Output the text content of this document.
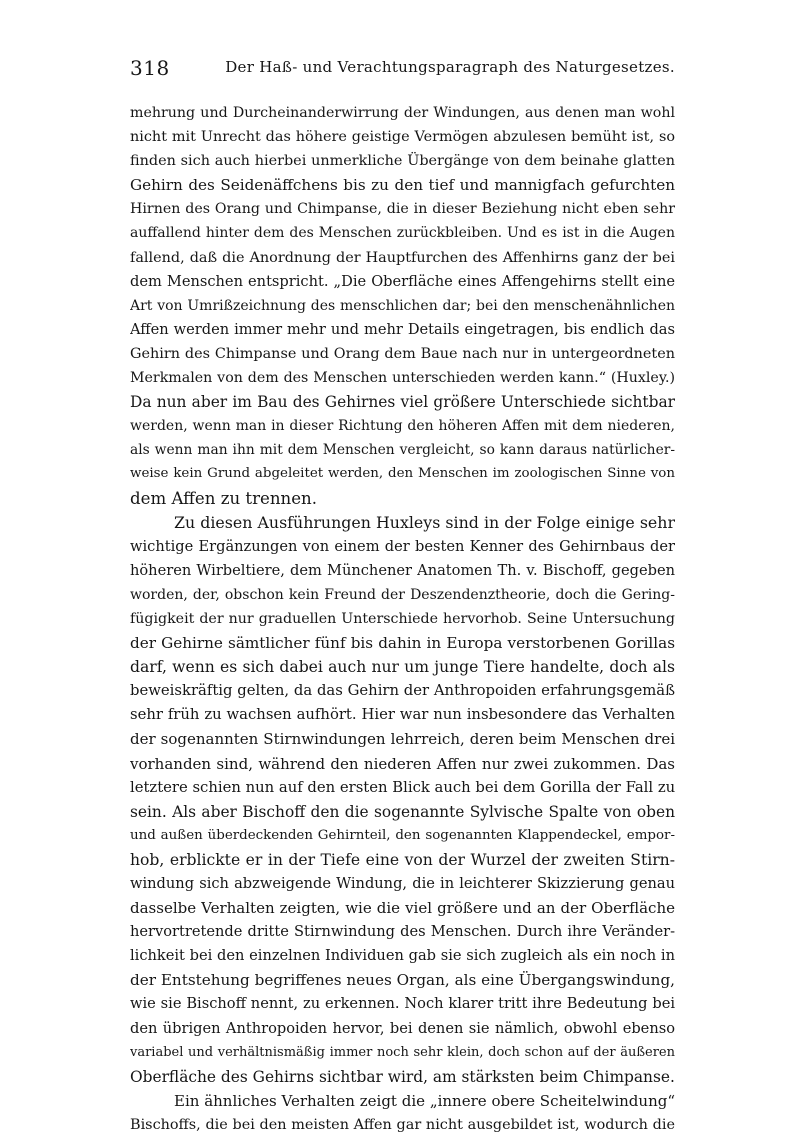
318	Der Haß- und Verachtungsparagraph des Naturgesetzes.
mehrung und Durcheinanderwirrung der Windungen, aus denen man wohl
nicht mit Unrecht das höhere geistige Vermögen abzulesen bemüht ist, so
finden sich auch hierbei unmerkliche Übergänge von dem beinahe glatten
Gehirn des Seidenäffchens bis zu den tief und mannigfach gefurchten
Hirnen des Orang und Chimpanse, die in dieser Beziehung nicht eben sehr
auffallend hinter dem des Menschen zurückbleiben. Und es ist in die Augen
fallend, daß die Anordnung der Hauptfurchen des Affenhirns ganz der bei
dem Menschen entspricht. „Die Oberfläche eines Affengehirns stellt eine
Art von Umrißzeichnung des menschlichen dar; bei den menschenähnlichen
Affen werden immer mehr und mehr Details eingetragen, bis endlich das
Gehirn des Chimpanse und Orang dem Baue nach nur in untergeordneten
Merkmalen von dem des Menschen unterschieden werden kann.“ (Huxley.)
Da nun aber im Bau des Gehirnes viel größere Unterschiede sichtbar
werden, wenn man in dieser Richtung den höheren Affen mit dem niederen,
als wenn man ihn mit dem Menschen vergleicht, so kann daraus natürlicher-
weise kein Grund abgeleitet werden, den Menschen im zoologischen Sinne von
dem Affen zu trennen.
Zu diesen Ausführungen Huxleys sind in der Folge einige sehr
wichtige Ergänzungen von einem der besten Kenner des Gehirnbaus der
höheren Wirbeltiere, dem Münchener Anatomen Th. v. Bischoff, gegeben
worden, der, obschon kein Freund der Deszendenztheorie, doch die Gering-
fügigkeit der nur graduellen Unterschiede hervorhob. Seine Untersuchung
der Gehirne sämtlicher fünf bis dahin in Europa verstorbenen Gorillas
darf, wenn es sich dabei auch nur um junge Tiere handelte, doch als
beweiskräftig gelten, da das Gehirn der Anthropoiden erfahrungsgemäß
sehr früh zu wachsen aufhört. Hier war nun insbesondere das Verhalten
der sogenannten Stirnwindungen lehrreich, deren beim Menschen drei
vorhanden sind, während den niederen Affen nur zwei zukommen. Das
letztere schien nun auf den ersten Blick auch bei dem Gorilla der Fall zu
sein. Als aber Bischoff den die sogenannte Sylvische Spalte von oben
und außen überdeckenden Gehirnteil, den sogenannten Klappendeckel, empor-
hob, erblickte er in der Tiefe eine von der Wurzel der zweiten Stirn-
windung sich abzweigende Windung, die in leichterer Skizzierung genau
dasselbe Verhalten zeigten, wie die viel größere und an der Oberfläche
hervortretende dritte Stirnwindung des Menschen. Durch ihre Veränder-
lichkeit bei den einzelnen Individuen gab sie sich zugleich als ein noch in
der Entstehung begriffenes neues Organ, als eine Übergangswindung,
wie sie Bischoff nennt, zu erkennen. Noch klarer tritt ihre Bedeutung bei
den übrigen Anthropoiden hervor, bei denen sie nämlich, obwohl ebenso
variabel und verhältnismäßig immer noch sehr klein, doch schon auf der äußeren
Oberfläche des Gehirns sichtbar wird, am stärksten beim Chimpanse.
Ein ähnliches Verhalten zeigt die „innere obere Scheitelwindung“
Bischoffs, die bei den meisten Affen gar nicht ausgebildet ist, wodurch die
